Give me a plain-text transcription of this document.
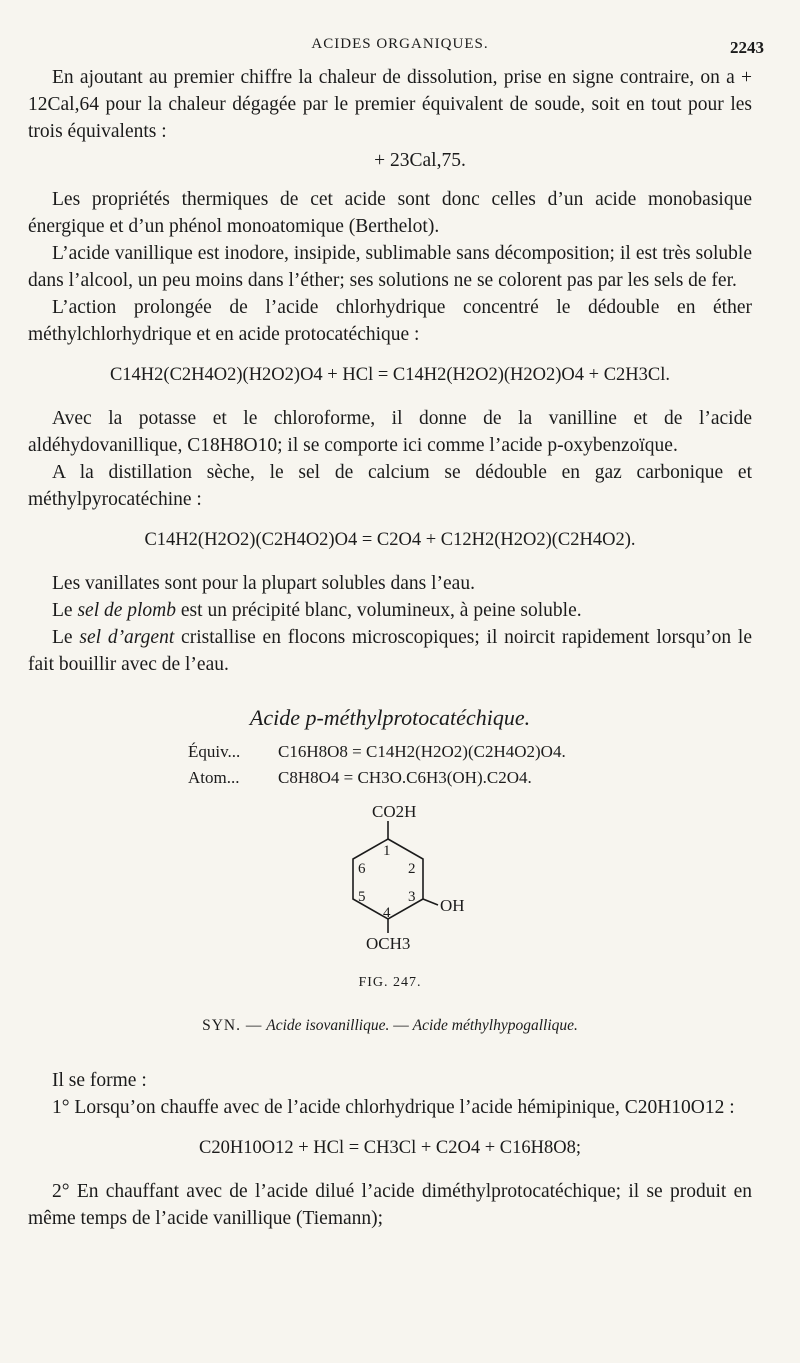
ACIDES ORGANIQUES.	2243

En ajoutant au premier chiffre la chaleur de dissolution, prise en signe contraire, on a + 12Cal,64 pour la chaleur dégagée par le premier équivalent de soude, soit en tout pour les trois équivalents :

+ 23Cal,75.

Les propriétés thermiques de cet acide sont donc celles d’un acide monobasique énergique et d’un phénol monoatomique (Berthelot).

L’acide vanillique est inodore, insipide, sublimable sans décomposition; il est très soluble dans l’alcool, un peu moins dans l’éther; ses solutions ne se colorent pas par les sels de fer.

L’action prolongée de l’acide chlorhydrique concentré le dédouble en éther méthylchlorhydrique et en acide protocatéchique :

C14H2(C2H4O2)(H2O2)O4 + HCl = C14H2(H2O2)(H2O2)O4 + C2H3Cl.

Avec la potasse et le chloroforme, il donne de la vanilline et de l’acide aldéhydovanillique, C18H8O10; il se comporte ici comme l’acide p-oxybenzoïque.

A la distillation sèche, le sel de calcium se dédouble en gaz carbonique et méthylpyrocatéchine :

C14H2(H2O2)(C2H4O2)O4 = C2O4 + C12H2(H2O2)(C2H4O2).

Les vanillates sont pour la plupart solubles dans l’eau.

Le sel de plomb est un précipité blanc, volumineux, à peine soluble.

Le sel d’argent cristallise en flocons microscopiques; il noircit rapidement lorsqu’on le fait bouillir avec de l’eau.

Acide p-méthylprotocatéchique.

Équiv...	C16H8O8 = C14H2(H2O2)(C2H4O2)O4.
Atom...	C8H8O4 = CH3O.C6H3(OH).C2O4.
CO2H
1
2
3
4
5
6
OH
OCH3

FIG. 247.

SYN. — Acide isovanillique. — Acide méthylhypogallique.

Il se forme :

1° Lorsqu’on chauffe avec de l’acide chlorhydrique l’acide hémipinique, C20H10O12 :

C20H10O12 + HCl = CH3Cl + C2O4 + C16H8O8;

2° En chauffant avec de l’acide dilué l’acide diméthylprotocatéchique; il se produit en même temps de l’acide vanillique (Tiemann);
